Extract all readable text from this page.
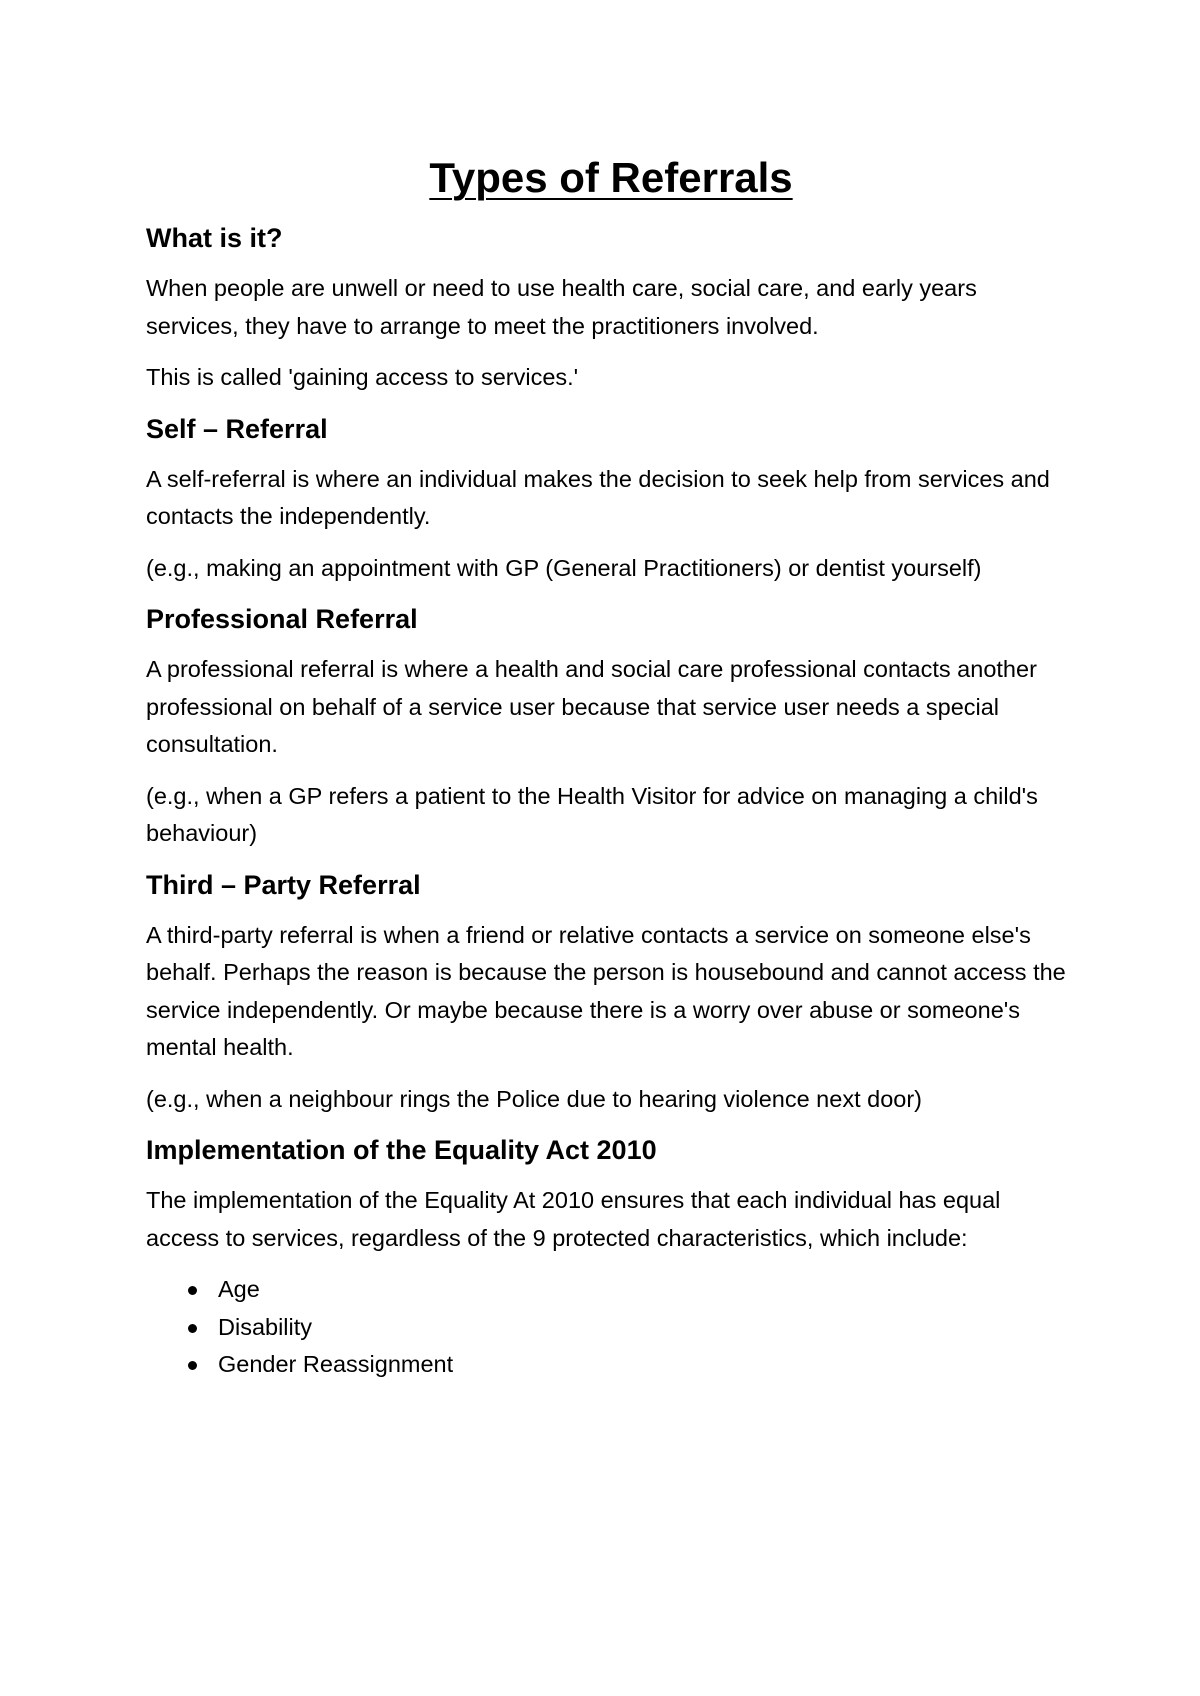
Types of Referrals
What is it?

When people are unwell or need to use health care, social care, and early years services, they have to arrange to meet the practitioners involved.

This is called 'gaining access to services.'

Self – Referral

A self-referral is where an individual makes the decision to seek help from services and contacts the independently.

(e.g., making an appointment with GP (General Practitioners) or dentist yourself)

Professional Referral

A professional referral is where a health and social care professional contacts another professional on behalf of a service user because that service user needs a special consultation.

(e.g., when a GP refers a patient to the Health Visitor for advice on managing a child's behaviour)

Third – Party Referral

A third-party referral is when a friend or relative contacts a service on someone else's behalf. Perhaps the reason is because the person is housebound and cannot access the service independently. Or maybe because there is a worry over abuse or someone's mental health.

(e.g., when a neighbour rings the Police due to hearing violence next door)

Implementation of the Equality Act 2010

The implementation of the Equality At 2010 ensures that each individual has equal access to services, regardless of the 9 protected characteristics, which include:

Age
Disability
Gender Reassignment
